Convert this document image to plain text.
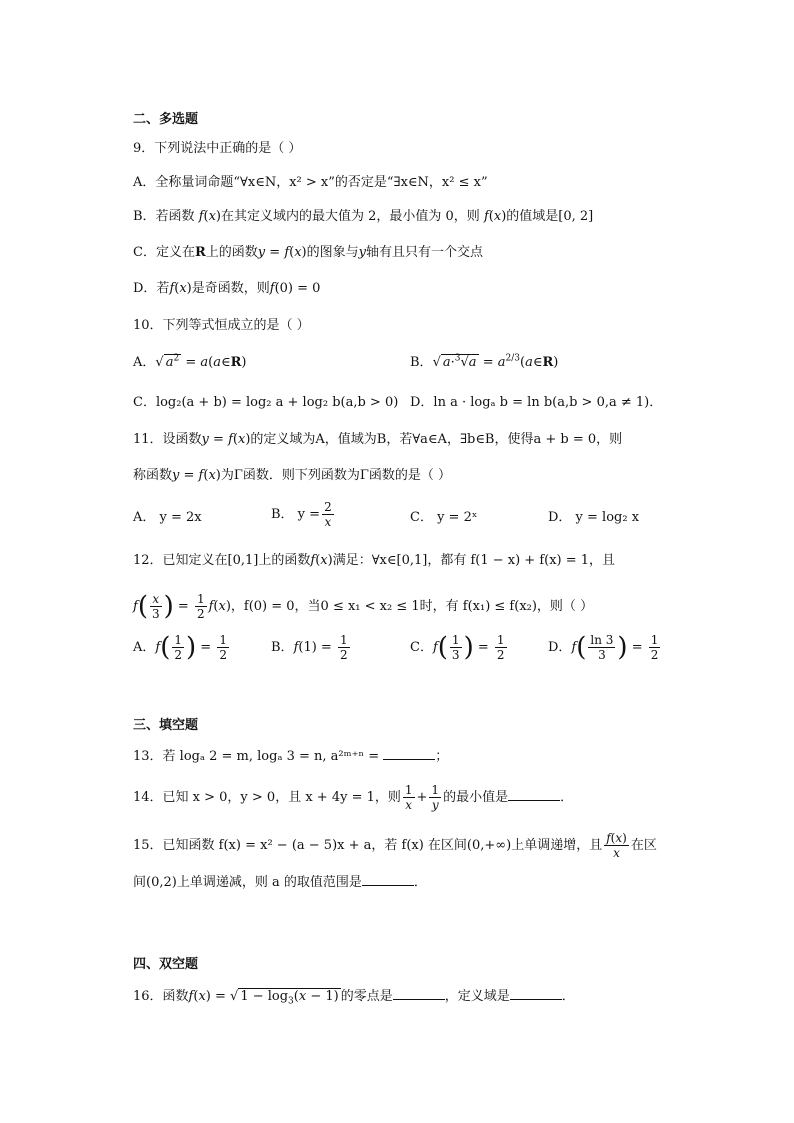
二、多选题
9．下列说法中正确的是（ ）
A．全称量词命题“∀x∈N，x² > x”的否定是“∃x∈N，x² ≤ x”
B．若函数 f(x)在其定义域内的最大值为 2，最小值为 0，则 f(x)的值域是[0, 2]
C．定义在R上的函数y = f(x)的图象与y轴有且只有一个交点
D．若f(x)是奇函数，则f(0) = 0
10．下列等式恒成立的是（ ）
A．√ $a^2$ = a(a∈R)	B．√ $a\cdot^3√a = a^{2/3}(a\in R)$
C．log₂(a + b) = log₂ a + log₂ b(a,b > 0) D．ln a · logₐ b = ln b(a,b > 0,a ≠ 1)．
11．设函数y = f(x)的定义域为A，值域为B，若∀a∈A，∃b∈B，使得a + b = 0，则
称函数y = f(x)为Γ函数．则下列函数为Γ函数的是（ ）
A． y = 2x	B． $y = \frac{2}{x}$	C． y = 2ˣ	D． y = log₂ x
12．已知定义在[0,1]上的函数f(x)满足：∀x∈[0,1]，都有 f(1 − x) + f(x) = 1，且
$f( \frac{x}{3}$ ) = $\frac{1}{2} f(x)$，f(0) = 0，当0 ≤ x₁ < x₂ ≤ 1时，有 f(x₁) ≤ f(x₂)，则（ ）
A．$f( \frac{1}{2}$ ) = $\frac{1}{2}$	B．$f(1) = \frac{1}{2}$	C．$f( \frac{1}{3}$ ) = $\frac{1}{2}$	D．$f( \frac{\ln 3}{3}$ ) = $\frac{1}{2}$
三、填空题
13．若 logₐ 2 = m, logₐ 3 = n, a²ᵐ⁺ⁿ =	；
14．已知 x > 0，y > 0，且 x + 4y = 1，则 $\frac{1}{x} + \frac{1}{y}$ 的最小值是	．
15．已知函数 f(x) = x² − (a − 5)x + a，若 f(x) 在区间(0,+∞)上单调递增，且 $\frac{f(x)}{x}$ 在区
间(0,2)上单调递减，则 a 的取值范围是	．
四、双空题
16．函数f(x) = √ $1 - \log_3(x - 1)$ 的零点是	，定义域是	．
